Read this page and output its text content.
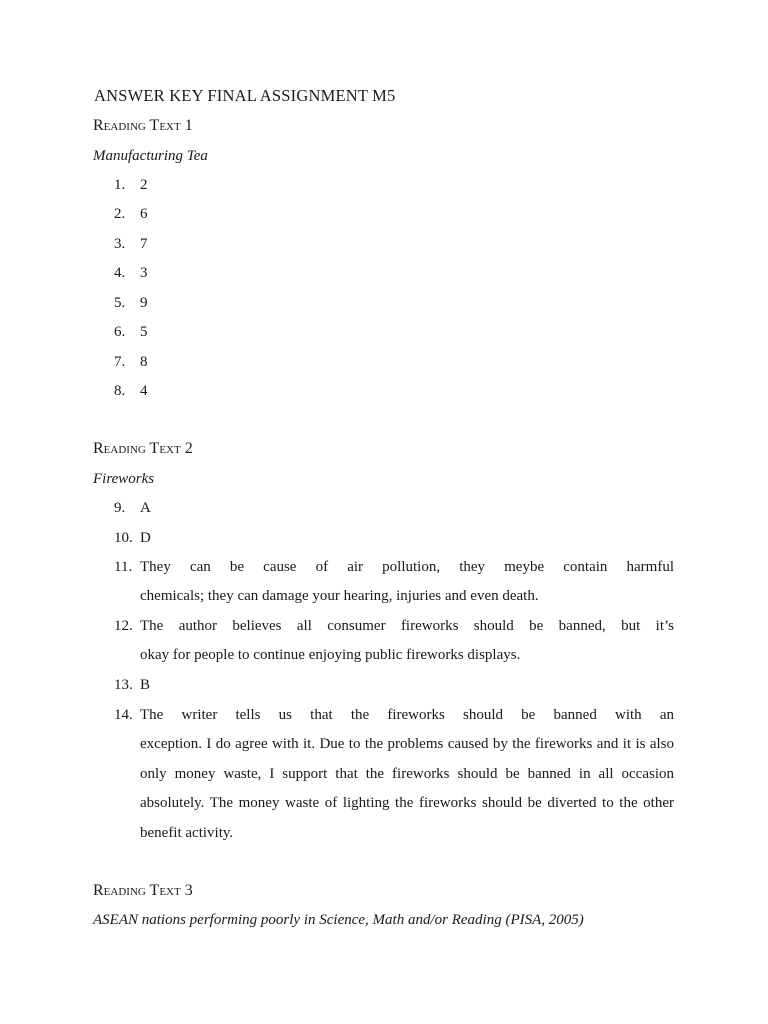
ANSWER KEY FINAL ASSIGNMENT M5
Reading Text 1
Manufacturing Tea
1. 2
2. 6
3. 7
4. 3
5. 9
6. 5
7. 8
8. 4
Reading Text 2
Fireworks
9. A
10. D
11. They can be cause of air pollution, they meybe contain harmful
chemicals; they can damage your hearing, injuries and even death.
12. The author believes all consumer fireworks should be banned, but it’s
okay for people to continue enjoying public fireworks displays.
13. B
14. The writer tells us that the fireworks should be banned with an
exception. I do agree with it. Due to the problems caused by the fireworks and it is also only money waste, I support that the fireworks should be banned in all occasion absolutely. The money waste of lighting the fireworks should be diverted to the other benefit activity.
Reading Text 3
ASEAN nations performing poorly in Science, Math and/or Reading (PISA, 2005)
